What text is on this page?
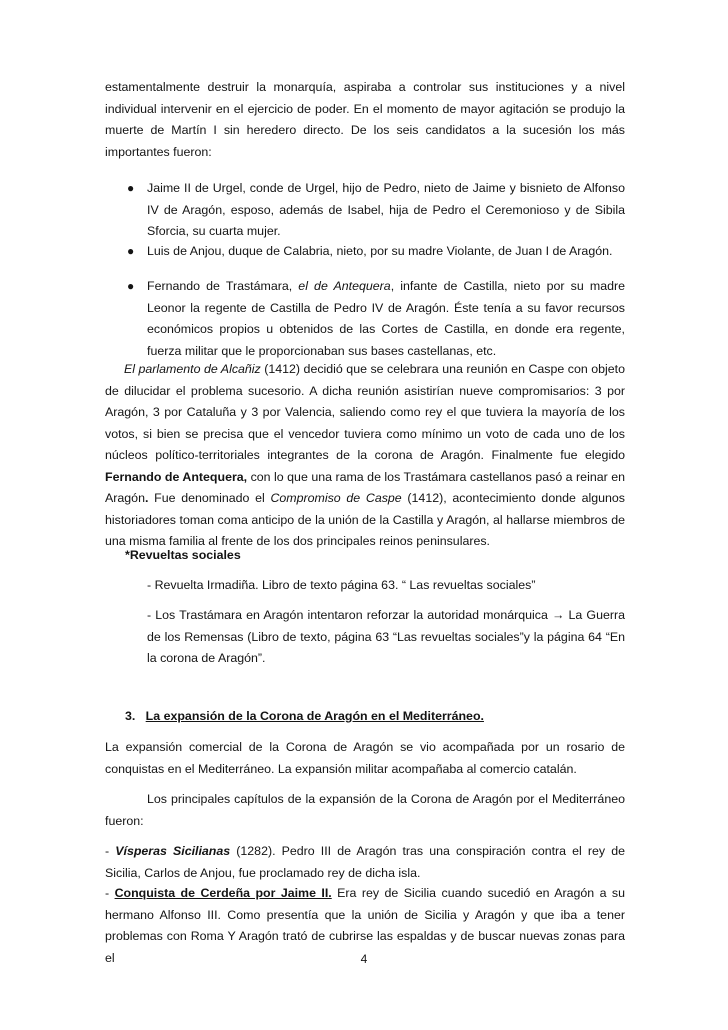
estamentalmente destruir la monarquía, aspiraba a controlar sus instituciones y a nivel individual intervenir en el ejercicio de poder. En el momento de mayor agitación se produjo la muerte de Martín I sin heredero directo. De los seis candidatos a la sucesión los más importantes fueron:

● Jaime II de Urgel, conde de Urgel, hijo de Pedro, nieto de Jaime y bisnieto de Alfonso IV de Aragón, esposo, además de Isabel, hija de Pedro el Ceremonioso y de Sibila Sforcia, su cuarta mujer.

● Luis de Anjou, duque de Calabria, nieto, por su madre Violante, de Juan I de Aragón.

● Fernando de Trastámara, el de Antequera, infante de Castilla, nieto por su madre Leonor la regente de Castilla de Pedro IV de Aragón. Éste tenía a su favor recursos económicos propios u obtenidos de las Cortes de Castilla, en donde era regente, fuerza militar que le proporcionaban sus bases castellanas, etc.

El parlamento de Alcañiz (1412) decidió que se celebrara una reunión en Caspe con objeto de dilucidar el problema sucesorio. A dicha reunión asistirían nueve compromisarios: 3 por Aragón, 3 por Cataluña y 3 por Valencia, saliendo como rey el que tuviera la mayoría de los votos, si bien se precisa que el vencedor tuviera como mínimo un voto de cada uno de los núcleos político-territoriales integrantes de la corona de Aragón. Finalmente fue elegido Fernando de Antequera, con lo que una rama de los Trastámara castellanos pasó a reinar en Aragón. Fue denominado el Compromiso de Caspe (1412), acontecimiento donde algunos historiadores toman coma anticipo de la unión de la Castilla y Aragón, al hallarse miembros de una misma familia al frente de los dos principales reinos peninsulares.

*Revueltas sociales

- Revuelta Irmadiña. Libro de texto página 63. “ Las revueltas sociales”

- Los Trastámara en Aragón intentaron reforzar la autoridad monárquica → La Guerra de los Remensas (Libro de texto, página 63 “Las revueltas sociales”y la página 64 “En la corona de Aragón”.

3. La expansión de la Corona de Aragón en el Mediterráneo.

La expansión comercial de la Corona de Aragón se vio acompañada por un rosario de conquistas en el Mediterráneo. La expansión militar acompañaba al comercio catalán.

Los principales capítulos de la expansión de la Corona de Aragón por el Mediterráneo fueron:

- Vísperas Sicilianas (1282). Pedro III de Aragón tras una conspiración contra el rey de Sicilia, Carlos de Anjou, fue proclamado rey de dicha isla.

- Conquista de Cerdeña por Jaime II. Era rey de Sicilia cuando sucedió en Aragón a su hermano Alfonso III. Como presentía que la unión de Sicilia y Aragón y que iba a tener problemas con Roma Y Aragón trató de cubrirse las espaldas y de buscar nuevas zonas para el	4
